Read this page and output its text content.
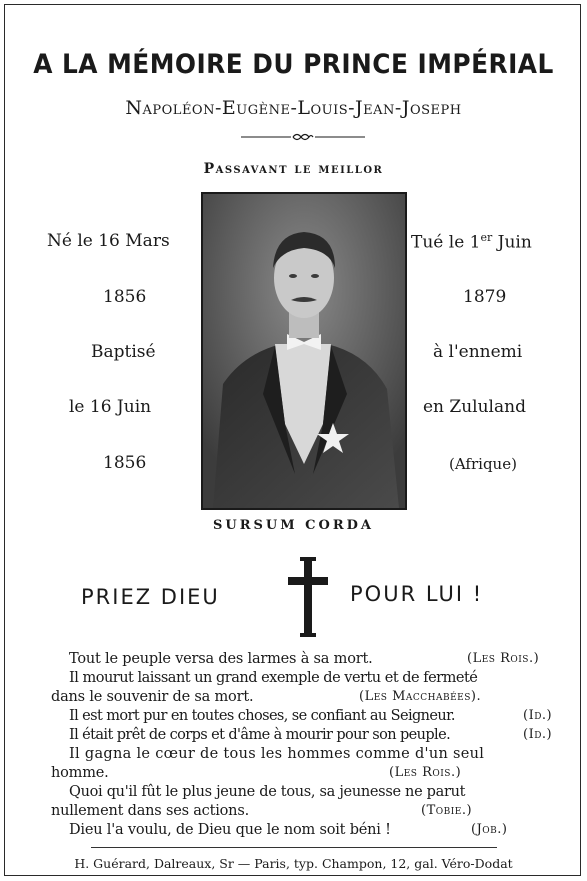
A LA MÉMOIRE DU PRINCE IMPÉRIAL
Napoléon-Eugène-Louis-Jean-Joseph
Passavant le meillor
Né le 16 Mars
1856
Baptisé
le 16 Juin
1856
Tué le 1er Juin
1879
à l'ennemi
en Zululand
(Afrique)
SURSUM CORDA
PRIEZ DIEU	POUR LUI !
Tout le peuple versa des larmes à sa mort.	(Les Rois.)
Il mourut laissant un grand exemple de vertu et de fermeté
dans le souvenir de sa mort.	(Les Macchabées).
Il est mort pur en toutes choses, se confiant au Seigneur.	(Id.)
Il était prêt de corps et d'âme à mourir pour son peuple.	(Id.)
Il gagna le cœur de tous les hommes comme d'un seul
homme.	(Les Rois.)
Quoi qu'il fût le plus jeune de tous, sa jeunesse ne parut
nullement dans ses actions.	(Tobie.)
Dieu l'a voulu, de Dieu que le nom soit béni !	(Job.)
H. Guérard, Dalreaux, Sr — Paris, typ. Champon, 12, gal. Véro-Dodat
